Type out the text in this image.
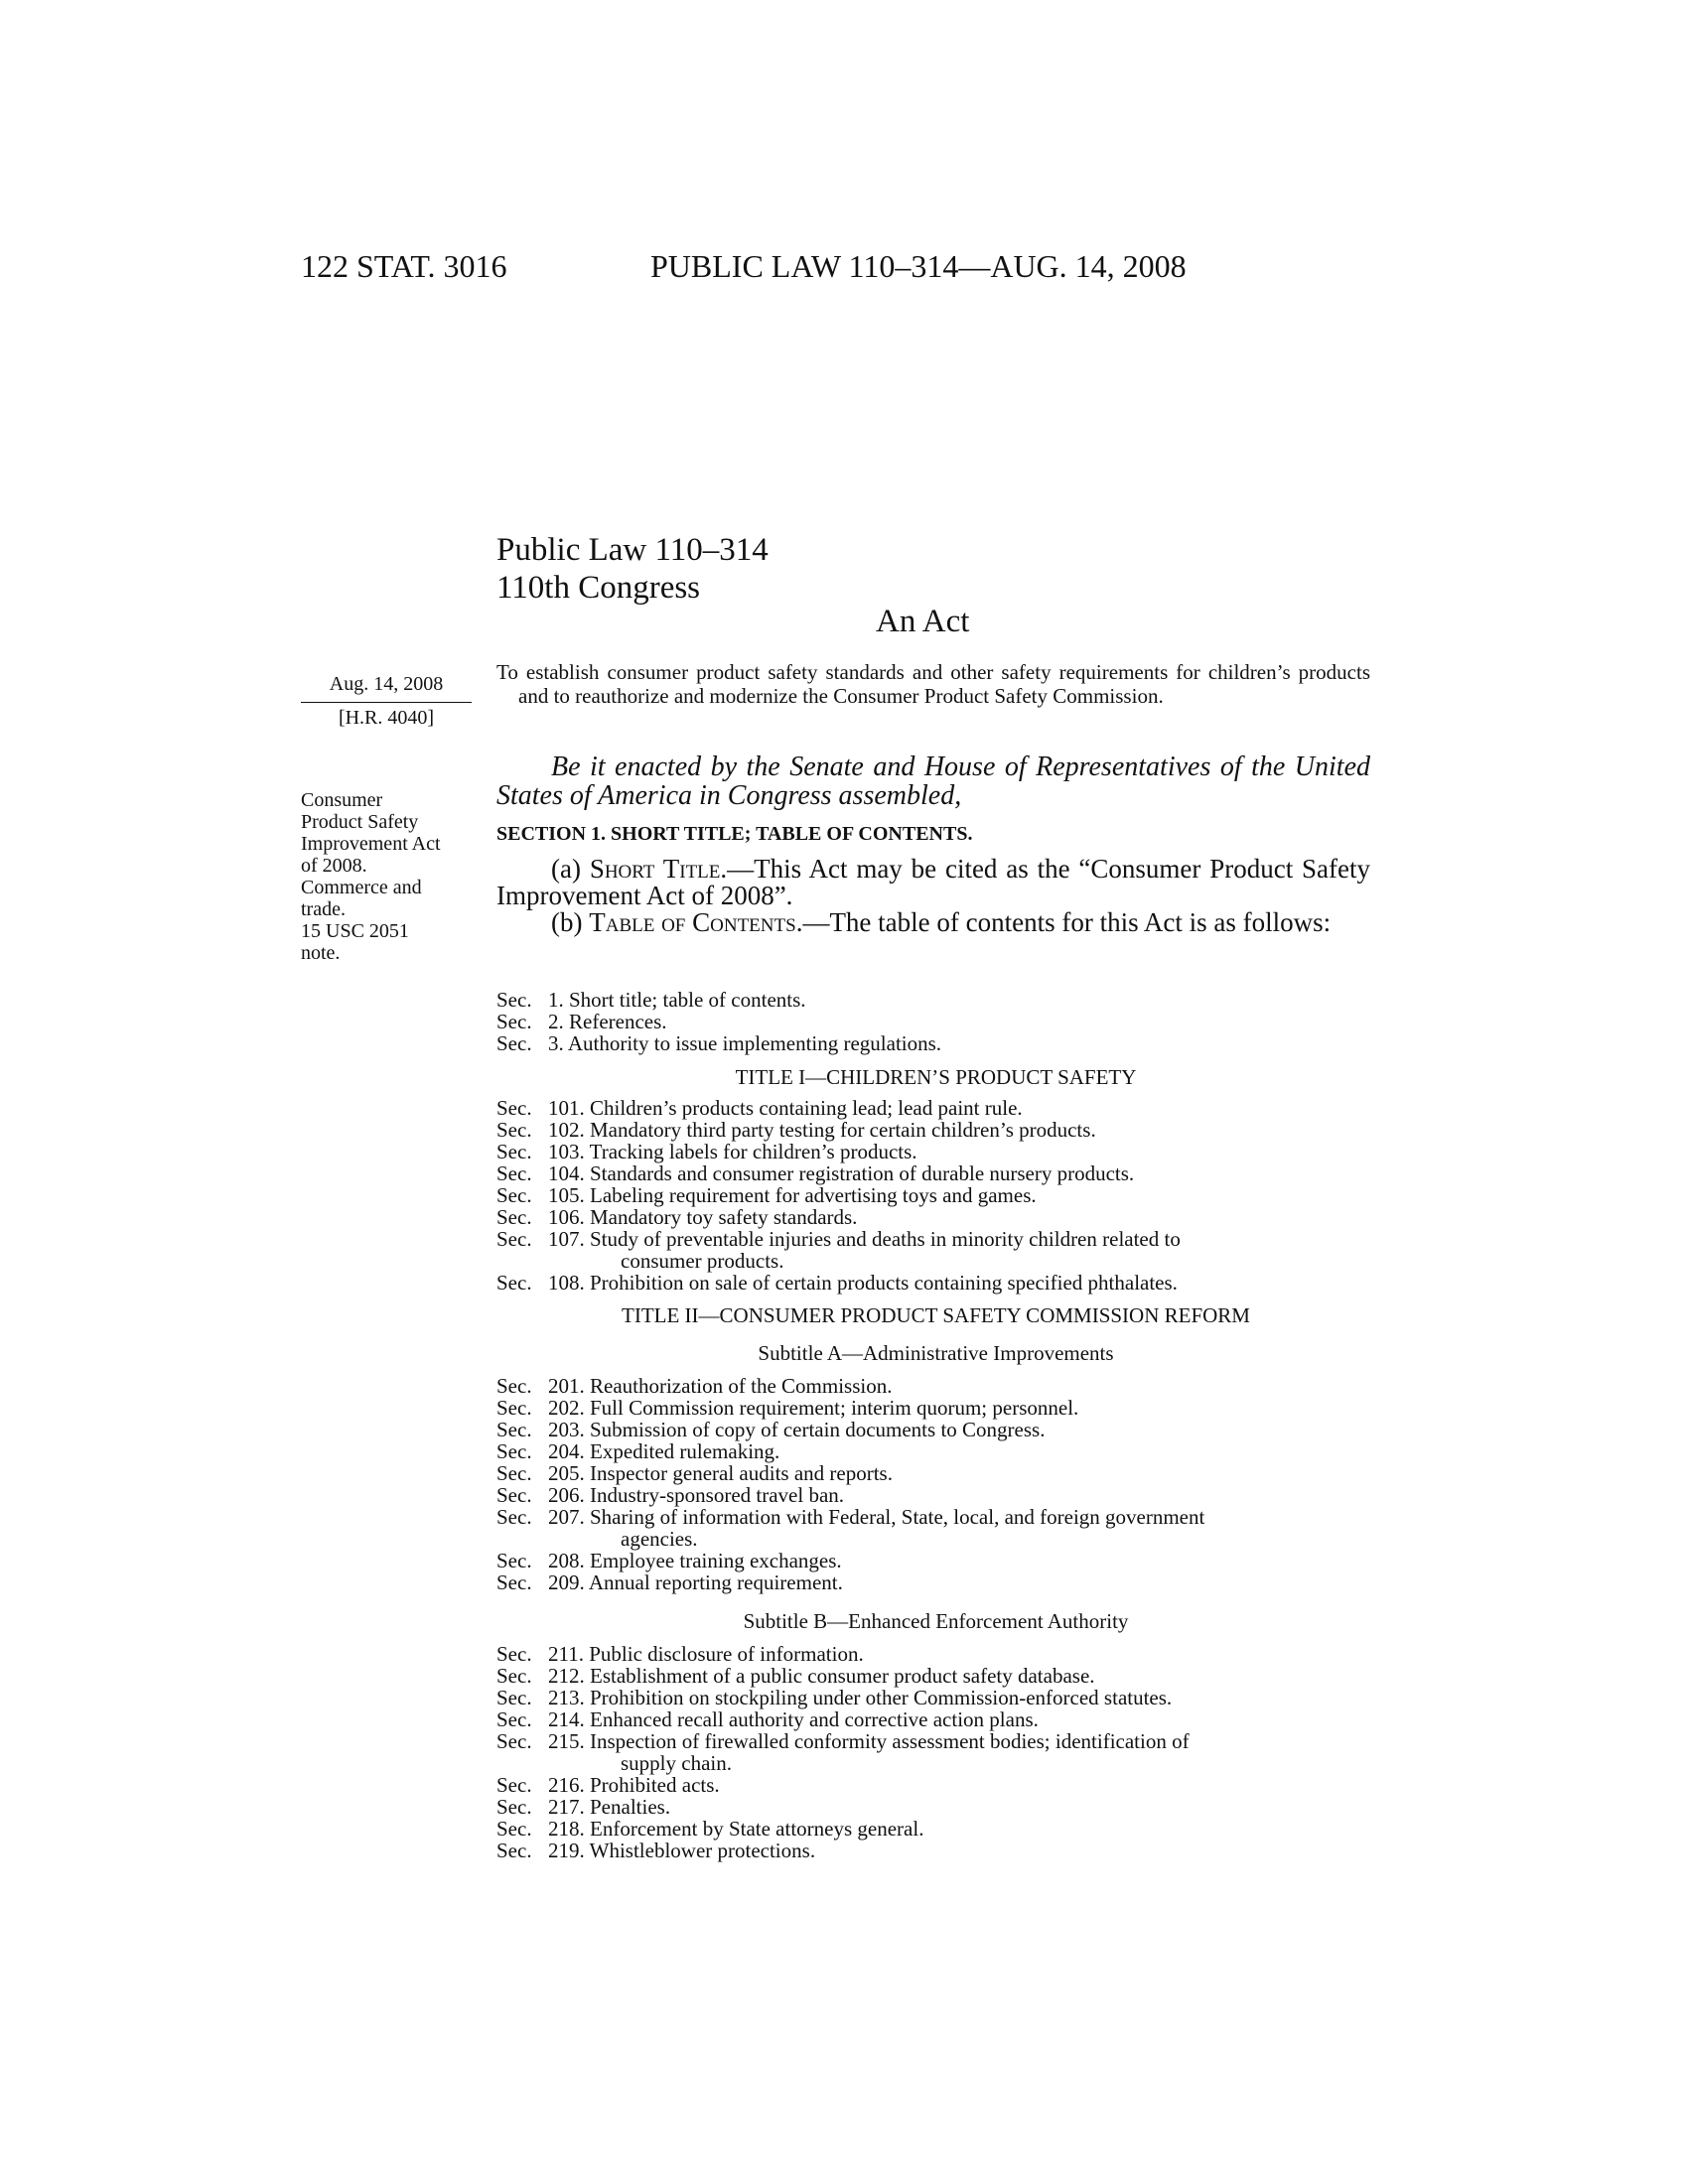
122 STAT. 3016	PUBLIC LAW 110–314—AUG. 14, 2008
Public Law 110–314
110th Congress
An Act
Aug. 14, 2008
[H.R. 4040]
Consumer
Product Safety
Improvement Act
of 2008.
Commerce and
trade.
15 USC 2051
note.
To establish consumer product safety standards and other safety requirements for children’s products and to reauthorize and modernize the Consumer Product Safety Commission.
Be it enacted by the Senate and House of Representatives of the United States of America in Congress assembled,
SECTION 1. SHORT TITLE; TABLE OF CONTENTS.
(a) Short Title.—This Act may be cited as the “Consumer Product Safety Improvement Act of 2008”.
(b) Table of Contents.—The table of contents for this Act is as follows:
Sec. 1. Short title; table of contents.
Sec. 2. References.
Sec. 3. Authority to issue implementing regulations.
TITLE I—CHILDREN’S PRODUCT SAFETY
Sec. 101. Children’s products containing lead; lead paint rule.
Sec. 102. Mandatory third party testing for certain children’s products.
Sec. 103. Tracking labels for children’s products.
Sec. 104. Standards and consumer registration of durable nursery products.
Sec. 105. Labeling requirement for advertising toys and games.
Sec. 106. Mandatory toy safety standards.
Sec. 107. Study of preventable injuries and deaths in minority children related to
consumer products.
Sec. 108. Prohibition on sale of certain products containing specified phthalates.
TITLE II—CONSUMER PRODUCT SAFETY COMMISSION REFORM
Subtitle A—Administrative Improvements
Sec. 201. Reauthorization of the Commission.
Sec. 202. Full Commission requirement; interim quorum; personnel.
Sec. 203. Submission of copy of certain documents to Congress.
Sec. 204. Expedited rulemaking.
Sec. 205. Inspector general audits and reports.
Sec. 206. Industry-sponsored travel ban.
Sec. 207. Sharing of information with Federal, State, local, and foreign government
agencies.
Sec. 208. Employee training exchanges.
Sec. 209. Annual reporting requirement.
Subtitle B—Enhanced Enforcement Authority
Sec. 211. Public disclosure of information.
Sec. 212. Establishment of a public consumer product safety database.
Sec. 213. Prohibition on stockpiling under other Commission-enforced statutes.
Sec. 214. Enhanced recall authority and corrective action plans.
Sec. 215. Inspection of firewalled conformity assessment bodies; identification of
supply chain.
Sec. 216. Prohibited acts.
Sec. 217. Penalties.
Sec. 218. Enforcement by State attorneys general.
Sec. 219. Whistleblower protections.
